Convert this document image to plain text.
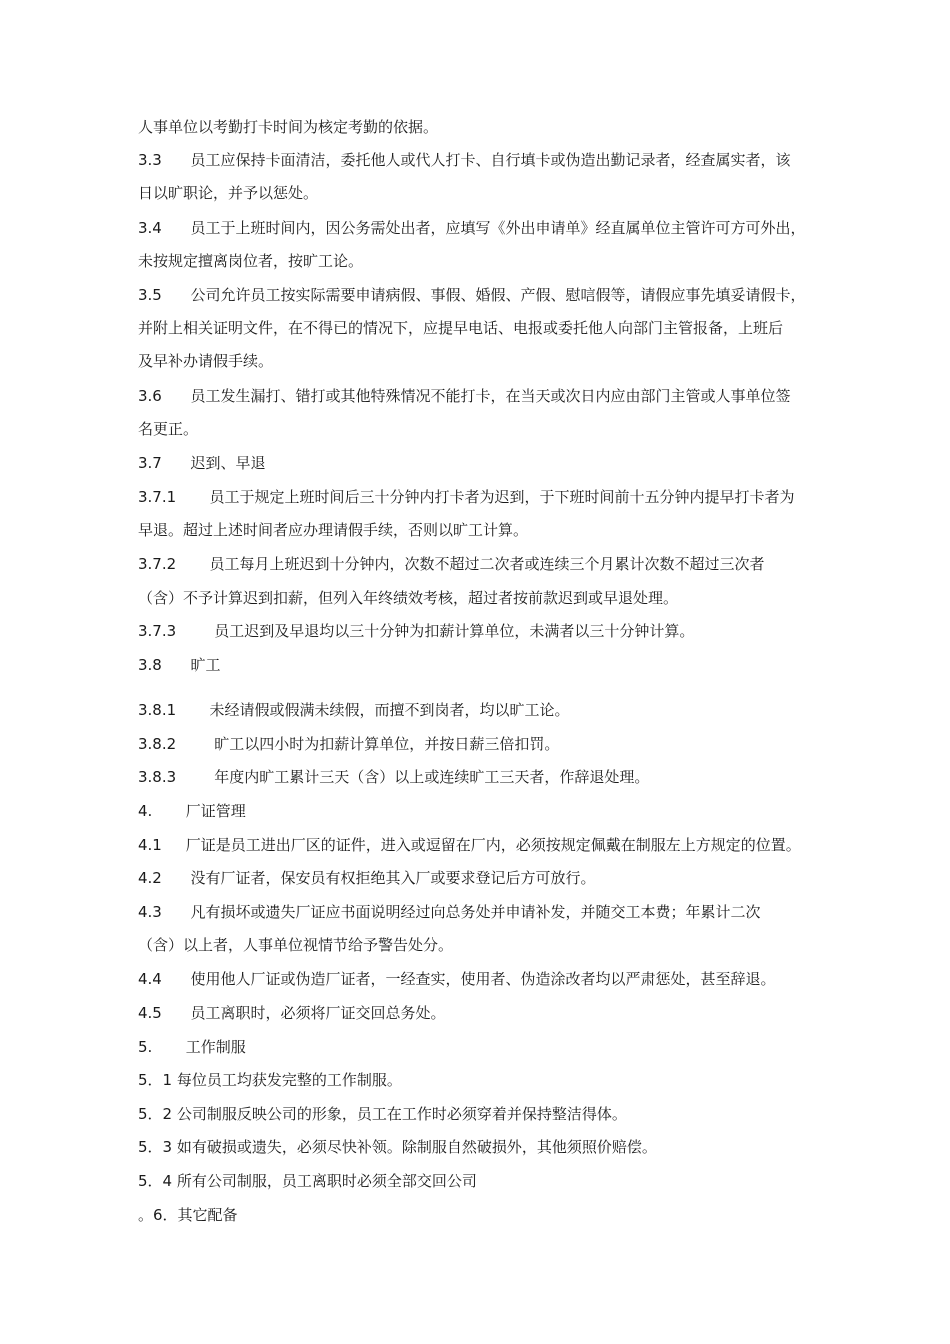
人事单位以考勤打卡时间为核定考勤的依据。
3.3      员工应保持卡面清洁，委托他人或代人打卡、自行填卡或伪造出勤记录者，经查属实者，该
日以旷职论，并予以惩处。
3.4      员工于上班时间内，因公务需处出者，应填写《外出申请单》经直属单位主管许可方可外出，
未按规定擅离岗位者，按旷工论。
3.5      公司允许员工按实际需要申请病假、事假、婚假、产假、慰唁假等，请假应事先填妥请假卡，
并附上相关证明文件，在不得已的情况下，应提早电话、电报或委托他人向部门主管报备，上班后
及早补办请假手续。
3.6      员工发生漏打、错打或其他特殊情况不能打卡，在当天或次日内应由部门主管或人事单位签
名更正。
3.7      迟到、早退
3.7.1       员工于规定上班时间后三十分钟内打卡者为迟到，于下班时间前十五分钟内提早打卡者为
早退。超过上述时间者应办理请假手续，否则以旷工计算。
3.7.2       员工每月上班迟到十分钟内，次数不超过二次者或连续三个月累计次数不超过三次者
（含）不予计算迟到扣薪，但列入年终绩效考核，超过者按前款迟到或早退处理。
3.7.3        员工迟到及早退均以三十分钟为扣薪计算单位，未满者以三十分钟计算。
3.8      旷工
3.8.1       未经请假或假满未续假，而擅不到岗者，均以旷工论。
3.8.2        旷工以四小时为扣薪计算单位，并按日薪三倍扣罚。
3.8.3        年度内旷工累计三天（含）以上或连续旷工三天者，作辞退处理。
4.       厂证管理
4.1     厂证是员工进出厂区的证件，进入或逗留在厂内，必须按规定佩戴在制服左上方规定的位置。
4.2      没有厂证者，保安员有权拒绝其入厂或要求登记后方可放行。
4.3      凡有损坏或遗失厂证应书面说明经过向总务处并申请补发，并随交工本费；年累计二次
（含）以上者，人事单位视情节给予警告处分。
4.4      使用他人厂证或伪造厂证者，一经查实，使用者、伪造涂改者均以严肃惩处，甚至辞退。
4.5      员工离职时，必须将厂证交回总务处。
5.       工作制服
5．1 每位员工均获发完整的工作制服。
5．2 公司制服反映公司的形象，员工在工作时必须穿着并保持整洁得体。
5．3 如有破损或遗失，必须尽快补领。除制服自然破损外，其他须照价赔偿。
5．4 所有公司制服，员工离职时必须全部交回公司
。6．其它配备
